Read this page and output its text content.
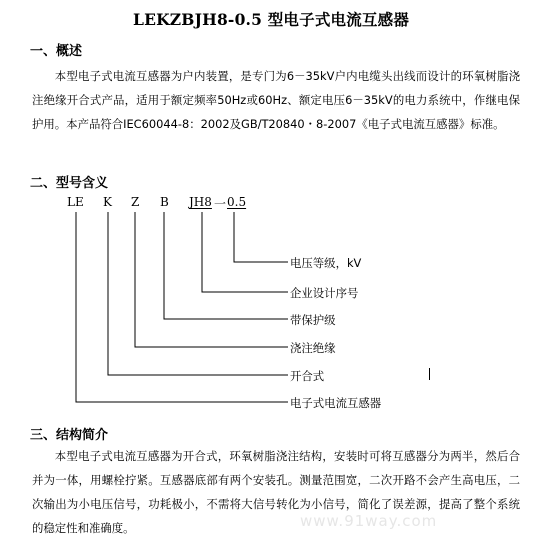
LEKZBJH8-0.5 型电子式电流互感器
一、概述
本型电子式电流互感器为户内装置，是专门为6－35kV户内电缆头出线而设计的环氧树脂浇注绝缘开合式产品，适用于额定频率50Hz或60Hz、额定电压6－35kV的电力系统中，作继电保护用。本产品符合IEC60044-8：2002及GB/T20840・8-2007《电子式电流互感器》标准。
二、型号含义
LE K Z B JH8 一 0.5
电压等级，kV
企业设计序号
带保护级
浇注绝缘
开合式
电子式电流互感器
三、结构简介
本型电子式电流互感器为开合式，环氧树脂浇注结构，安装时可将互感器分为两半，然后合并为一体，用螺栓拧紧。互感器底部有两个安装孔。测量范围宽，二次开路不会产生高电压，二次输出为小电压信号，功耗极小，不需将大信号转化为小信号，简化了误差源，提高了整个系统的稳定性和准确度。	www.91way.com
